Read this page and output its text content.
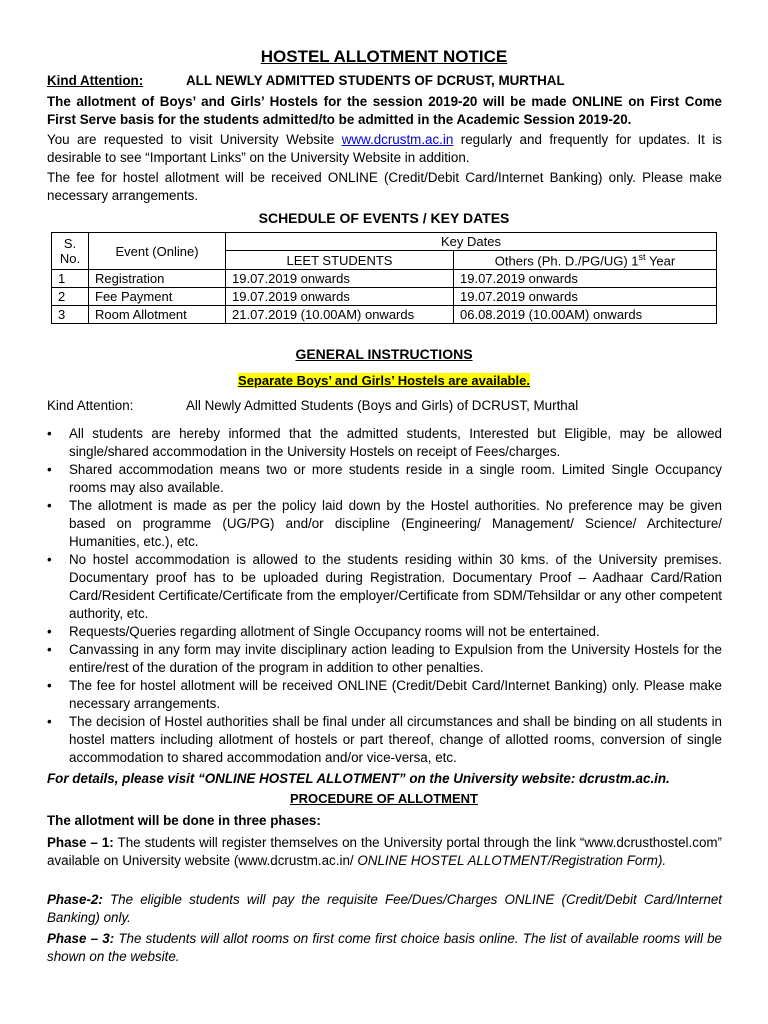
HOSTEL ALLOTMENT NOTICE
Kind Attention:	ALL NEWLY ADMITTED STUDENTS OF DCRUST, MURTHAL
The allotment of Boys’ and Girls’ Hostels for the session 2019-20 will be made ONLINE on First Come First Serve basis for the students admitted/to be admitted in the Academic Session 2019-20.
You are requested to visit University Website www.dcrustm.ac.in regularly and frequently for updates. It is desirable to see “Important Links” on the University Website in addition.
The fee for hostel allotment will be received ONLINE (Credit/Debit Card/Internet Banking) only. Please make necessary arrangements.
SCHEDULE OF EVENTS / KEY DATES
S. No.	Event (Online)	Key Dates	
		LEET STUDENTS	Others (Ph. D./PG/UG) 1st Year
1	Registration	19.07.2019 onwards	19.07.2019 onwards
2	Fee Payment	19.07.2019 onwards	19.07.2019 onwards
3	Room Allotment	21.07.2019 (10.00AM) onwards	06.08.2019 (10.00AM) onwards
GENERAL INSTRUCTIONS
Separate Boys’ and Girls’ Hostels are available.
Kind Attention:	All Newly Admitted Students (Boys and Girls) of DCRUST, Murthal
• All students are hereby informed that the admitted students, Interested but Eligible, may be allowed single/shared accommodation in the University Hostels on receipt of Fees/charges.
• Shared accommodation means two or more students reside in a single room. Limited Single Occupancy rooms may also available.
• The allotment is made as per the policy laid down by the Hostel authorities. No preference may be given based on programme (UG/PG) and/or discipline (Engineering/ Management/ Science/ Architecture/ Humanities, etc.), etc.
• No hostel accommodation is allowed to the students residing within 30 kms. of the University premises. Documentary proof has to be uploaded during Registration. Documentary Proof – Aadhaar Card/Ration Card/Resident Certificate/Certificate from the employer/Certificate from SDM/Tehsildar or any other competent authority, etc.
• Requests/Queries regarding allotment of Single Occupancy rooms will not be entertained.
• Canvassing in any form may invite disciplinary action leading to Expulsion from the University Hostels for the entire/rest of the duration of the program in addition to other penalties.
• The fee for hostel allotment will be received ONLINE (Credit/Debit Card/Internet Banking) only. Please make necessary arrangements.
• The decision of Hostel authorities shall be final under all circumstances and shall be binding on all students in hostel matters including allotment of hostels or part thereof, change of allotted rooms, conversion of single accommodation to shared accommodation and/or vice-versa, etc.
For details, please visit “ONLINE HOSTEL ALLOTMENT” on the University website: dcrustm.ac.in.
PROCEDURE OF ALLOTMENT
The allotment will be done in three phases:
Phase – 1: The students will register themselves on the University portal through the link “www.dcrusthostel.com” available on University website (www.dcrustm.ac.in/ ONLINE HOSTEL ALLOTMENT/Registration Form).
Phase-2: The eligible students will pay the requisite Fee/Dues/Charges ONLINE (Credit/Debit Card/Internet Banking) only.
Phase – 3: The students will allot rooms on first come first choice basis online. The list of available rooms will be shown on the website.
